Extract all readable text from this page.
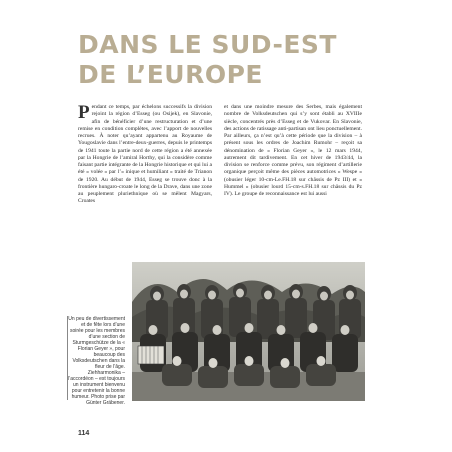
DANS LE SUD-EST
DE L’EUROPE
P endant ce temps, par échelons successifs la division rejoint la région d’Esseg (ou Osijek), en Slavonie, afin de bénéficier d’une restructuration et d’une remise en condition complètes, avec l’apport de nouvelles recrues. À noter qu’ayant appartenu au Royaume de Yougoslavie dans l’entre-deux-guerres, depuis le printemps de 1941 toute la partie nord de cette région a été annexée par la Hongrie de l’amiral Horthy, qui la considère comme faisant partie intégrante de la Hongrie historique et qui lui a été « volée » par l’« inique et humiliant » traité de Trianon de 1920. Au début de 1944, Esseg se trouve donc à la frontière hungaro-croate le long de la Drave, dans une zone au peuplement pluriethnique où se mêlent Magyars, Croates
et dans une moindre mesure des Serbes, mais également nombre de Volksdeutschen qui s’y sont établi au XVIIIe siècle, concentrés près d’Esseg et de Vukovar. En Slavonie, des actions de ratissage anti-partisan ont lieu ponctuellement. Par ailleurs, ça n’est qu’à cette période que la division – à présent sous les ordres de Joachim Rumohr – reçoit sa dénomination de « Florian Geyer », le 12 mars 1944, autrement dit tardivement. En cet hiver de 1943/44, la division se renforce comme prévu, son régiment d’artillerie organique perçoit même des pièces automotrices « Wespe » (obusier léger 10-cm-Le.FH.18 sur châssis de Pz III) et « Hummel » (obusier lourd 15-cm-s.FH.18 sur châssis du Pz IV). Le groupe de reconnaissance est lui aussi
Un peu de divertissement et de fête lors d’une soirée pour les membres d’une section de Sturmgeschütze de la « Florian Geyer », pour beaucoup des Volksdeutschen dans la fleur de l’âge. Ziehharmonika – l’accordéon – est toujours un instrument bienvenu pour entretenir la bonne humeur. Photo prise par Günter Gräbener.
114
